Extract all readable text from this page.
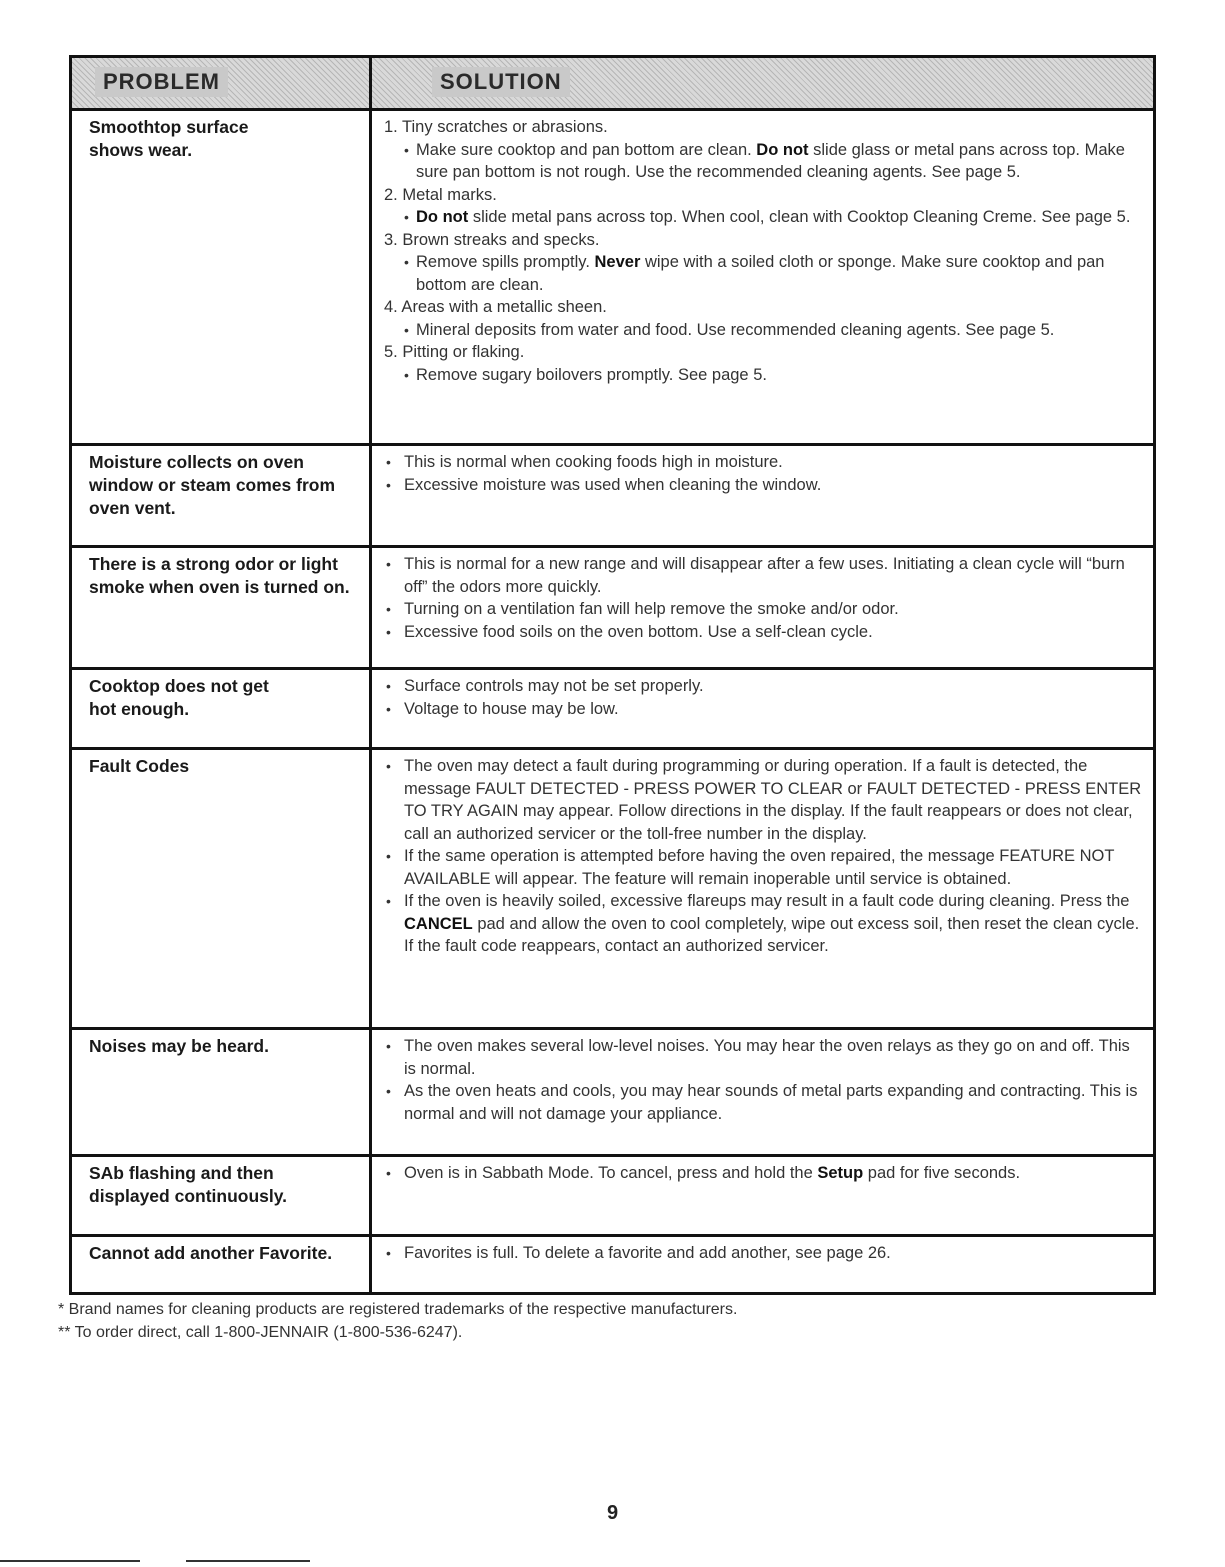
PROBLEM	SOLUTION
Smoothtop surface
shows wear.
1. Tiny scratches or abrasions.
• Make sure cooktop and pan bottom are clean. Do not slide glass or metal pans across top. Make sure pan bottom is not rough. Use the recommended cleaning agents. See page 5.
2. Metal marks.
• Do not slide metal pans across top. When cool, clean with Cooktop Cleaning Creme. See page 5.
3. Brown streaks and specks.
• Remove spills promptly. Never wipe with a soiled cloth or sponge. Make sure cooktop and pan bottom are clean.
4. Areas with a metallic sheen.
• Mineral deposits from water and food. Use recommended cleaning agents. See page 5.
5. Pitting or flaking.
• Remove sugary boilovers promptly. See page 5.
Moisture collects on oven
window or steam comes from
oven vent.
• This is normal when cooking foods high in moisture.
• Excessive moisture was used when cleaning the window.
There is a strong odor or light
smoke when oven is turned on.
• This is normal for a new range and will disappear after a few uses. Initiating a clean cycle will “burn off” the odors more quickly.
• Turning on a ventilation fan will help remove the smoke and/or odor.
• Excessive food soils on the oven bottom. Use a self-clean cycle.
Cooktop does not get
hot enough.
• Surface controls may not be set properly.
• Voltage to house may be low.
Fault Codes	• The oven may detect a fault during programming or during operation. If a fault is detected, the message FAULT DETECTED - PRESS POWER TO CLEAR or FAULT DETECTED - PRESS ENTER TO TRY AGAIN may appear. Follow directions in the display. If the fault reappears or does not clear, call an authorized servicer or the toll-free number in the display.
• If the same operation is attempted before having the oven repaired, the message FEATURE NOT AVAILABLE will appear. The feature will remain inoperable until service is obtained.
• If the oven is heavily soiled, excessive flareups may result in a fault code during cleaning. Press the CANCEL pad and allow the oven to cool completely, wipe out excess soil, then reset the clean cycle. If the fault code reappears, contact an authorized servicer.
Noises may be heard.	• The oven makes several low-level noises. You may hear the oven relays as they go on and off. This is normal.
• As the oven heats and cools, you may hear sounds of metal parts expanding and contracting. This is normal and will not damage your appliance.
SAb flashing and then
displayed continuously.
• Oven is in Sabbath Mode. To cancel, press and hold the Setup pad for five seconds.
Cannot add another Favorite.	• Favorites is full. To delete a favorite and add another, see page 26.
* Brand names for cleaning products are registered trademarks of the respective manufacturers.
** To order direct, call 1-800-JENNAIR (1-800-536-6247).
9
